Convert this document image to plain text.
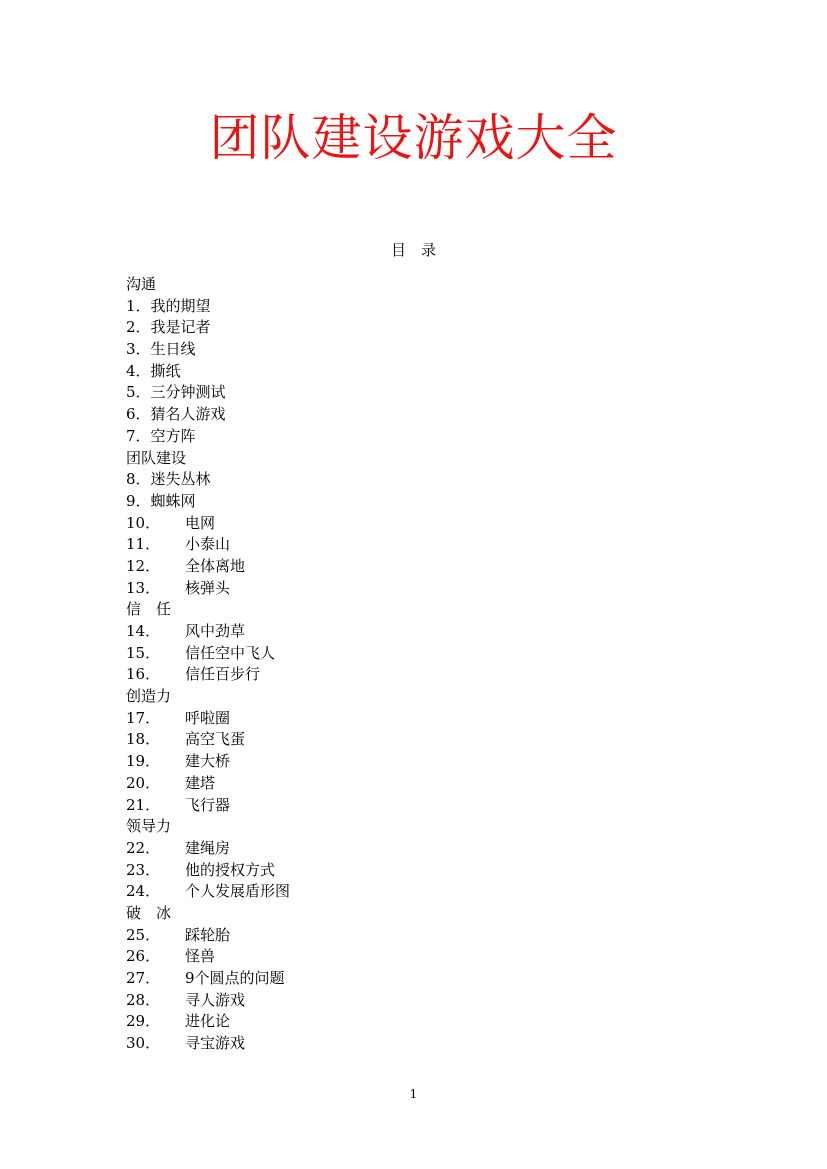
团队建设游戏大全
目　录
沟通
1．我的期望
2．我是记者
3．生日线
4．撕纸
5．三分钟测试
6．猜名人游戏
7．空方阵
团队建设
8．迷失丛林
9．蜘蛛网
10． 电网
11． 小泰山
12． 全体离地
13． 核弹头
信　任
14． 风中劲草
15． 信任空中飞人
16． 信任百步行
创造力
17． 呼啦圈
18． 高空飞蛋
19． 建大桥
20． 建塔
21． 飞行器
领导力
22． 建绳房
23． 他的授权方式
24． 个人发展盾形图
破　冰
25． 踩轮胎
26． 怪兽
27． 9个圆点的问题
28． 寻人游戏
29． 进化论
30． 寻宝游戏
1
